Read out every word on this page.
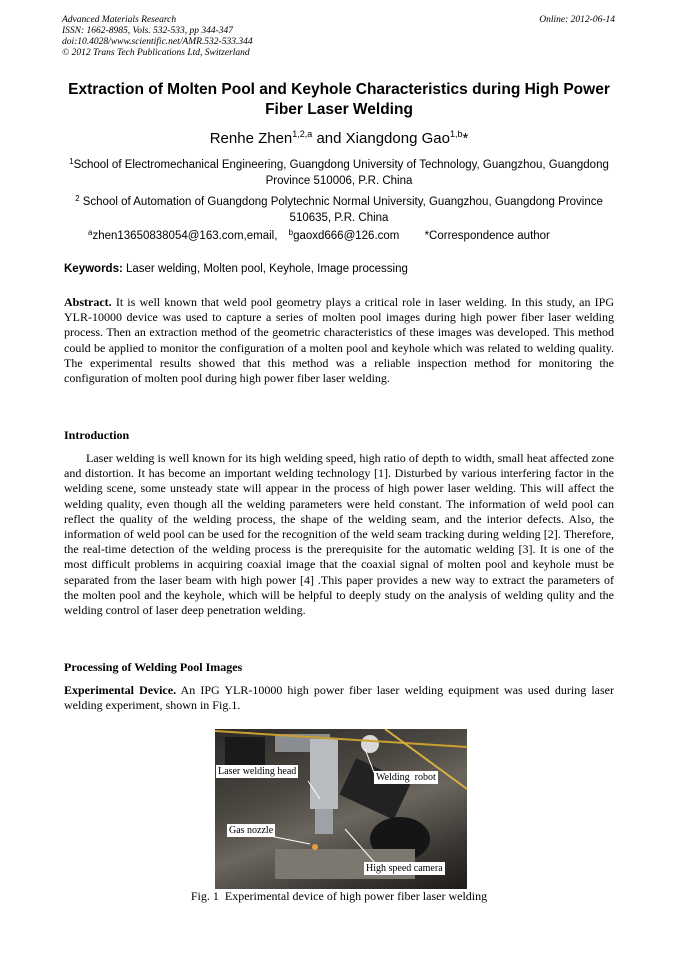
Advanced Materials Research
ISSN: 1662-8985, Vols. 532-533, pp 344-347
doi:10.4028/www.scientific.net/AMR.532-533.344
© 2012 Trans Tech Publications Ltd, Switzerland
Online: 2012-06-14
Extraction of Molten Pool and Keyhole Characteristics during High Power Fiber Laser Welding
Renhe Zhen$^{1,2,a}$ and Xiangdong Gao$^{1,b}$*
$^1$School of Electromechanical Engineering, Guangdong University of Technology, Guangzhou, Guangdong Province 510006, P.R. China
$^2$ School of Automation of Guangdong Polytechnic Normal University, Guangzhou, Guangdong Province 510635, P.R. China
$^a$zhen13650838054@163.com,email, $^b$gaoxd666@126.com *Correspondence author
Keywords: Laser welding, Molten pool, Keyhole, Image processing
Abstract. It is well known that weld pool geometry plays a critical role in laser welding. In this study, an IPG YLR-10000 device was used to capture a series of molten pool images during high power fiber laser welding process. Then an extraction method of the geometric characteristics of these images was developed. This method could be applied to monitor the configuration of a molten pool and keyhole which was related to welding quality. The experimental results showed that this method was a reliable inspection method for monitoring the configuration of molten pool during high power fiber laser welding.
Introduction
Laser welding is well known for its high welding speed, high ratio of depth to width, small heat affected zone and distortion. It has become an important welding technology [1]. Disturbed by various interfering factor in the welding scene, some unsteady state will appear in the process of high power laser welding. This will affect the welding quality, even though all the welding parameters were held constant. The information of weld pool can reflect the quality of the welding process, the shape of the welding seam, and the interior defects. Also, the information of weld pool can be used for the recognition of the weld seam tracking during welding [2]. Therefore, the real-time detection of the welding process is the prerequisite for the automatic welding [3]. It is one of the most difficult problems in acquiring coaxial image that the coaxial signal of molten pool and keyhole must be separated from the laser beam with high power [4] .This paper provides a new way to extract the parameters of the molten pool and the keyhole, which will be helpful to deeply study on the analysis of welding qulity and the welding control of laser deep penetration welding.
Processing of Welding Pool Images
Experimental Device. An IPG YLR-10000 high power fiber laser welding equipment was used during laser welding experiment, shown in Fig.1.
Laser welding head
Welding  robot
Gas nozzle
High speed camera
Fig. 1  Experimental device of high power fiber laser welding
